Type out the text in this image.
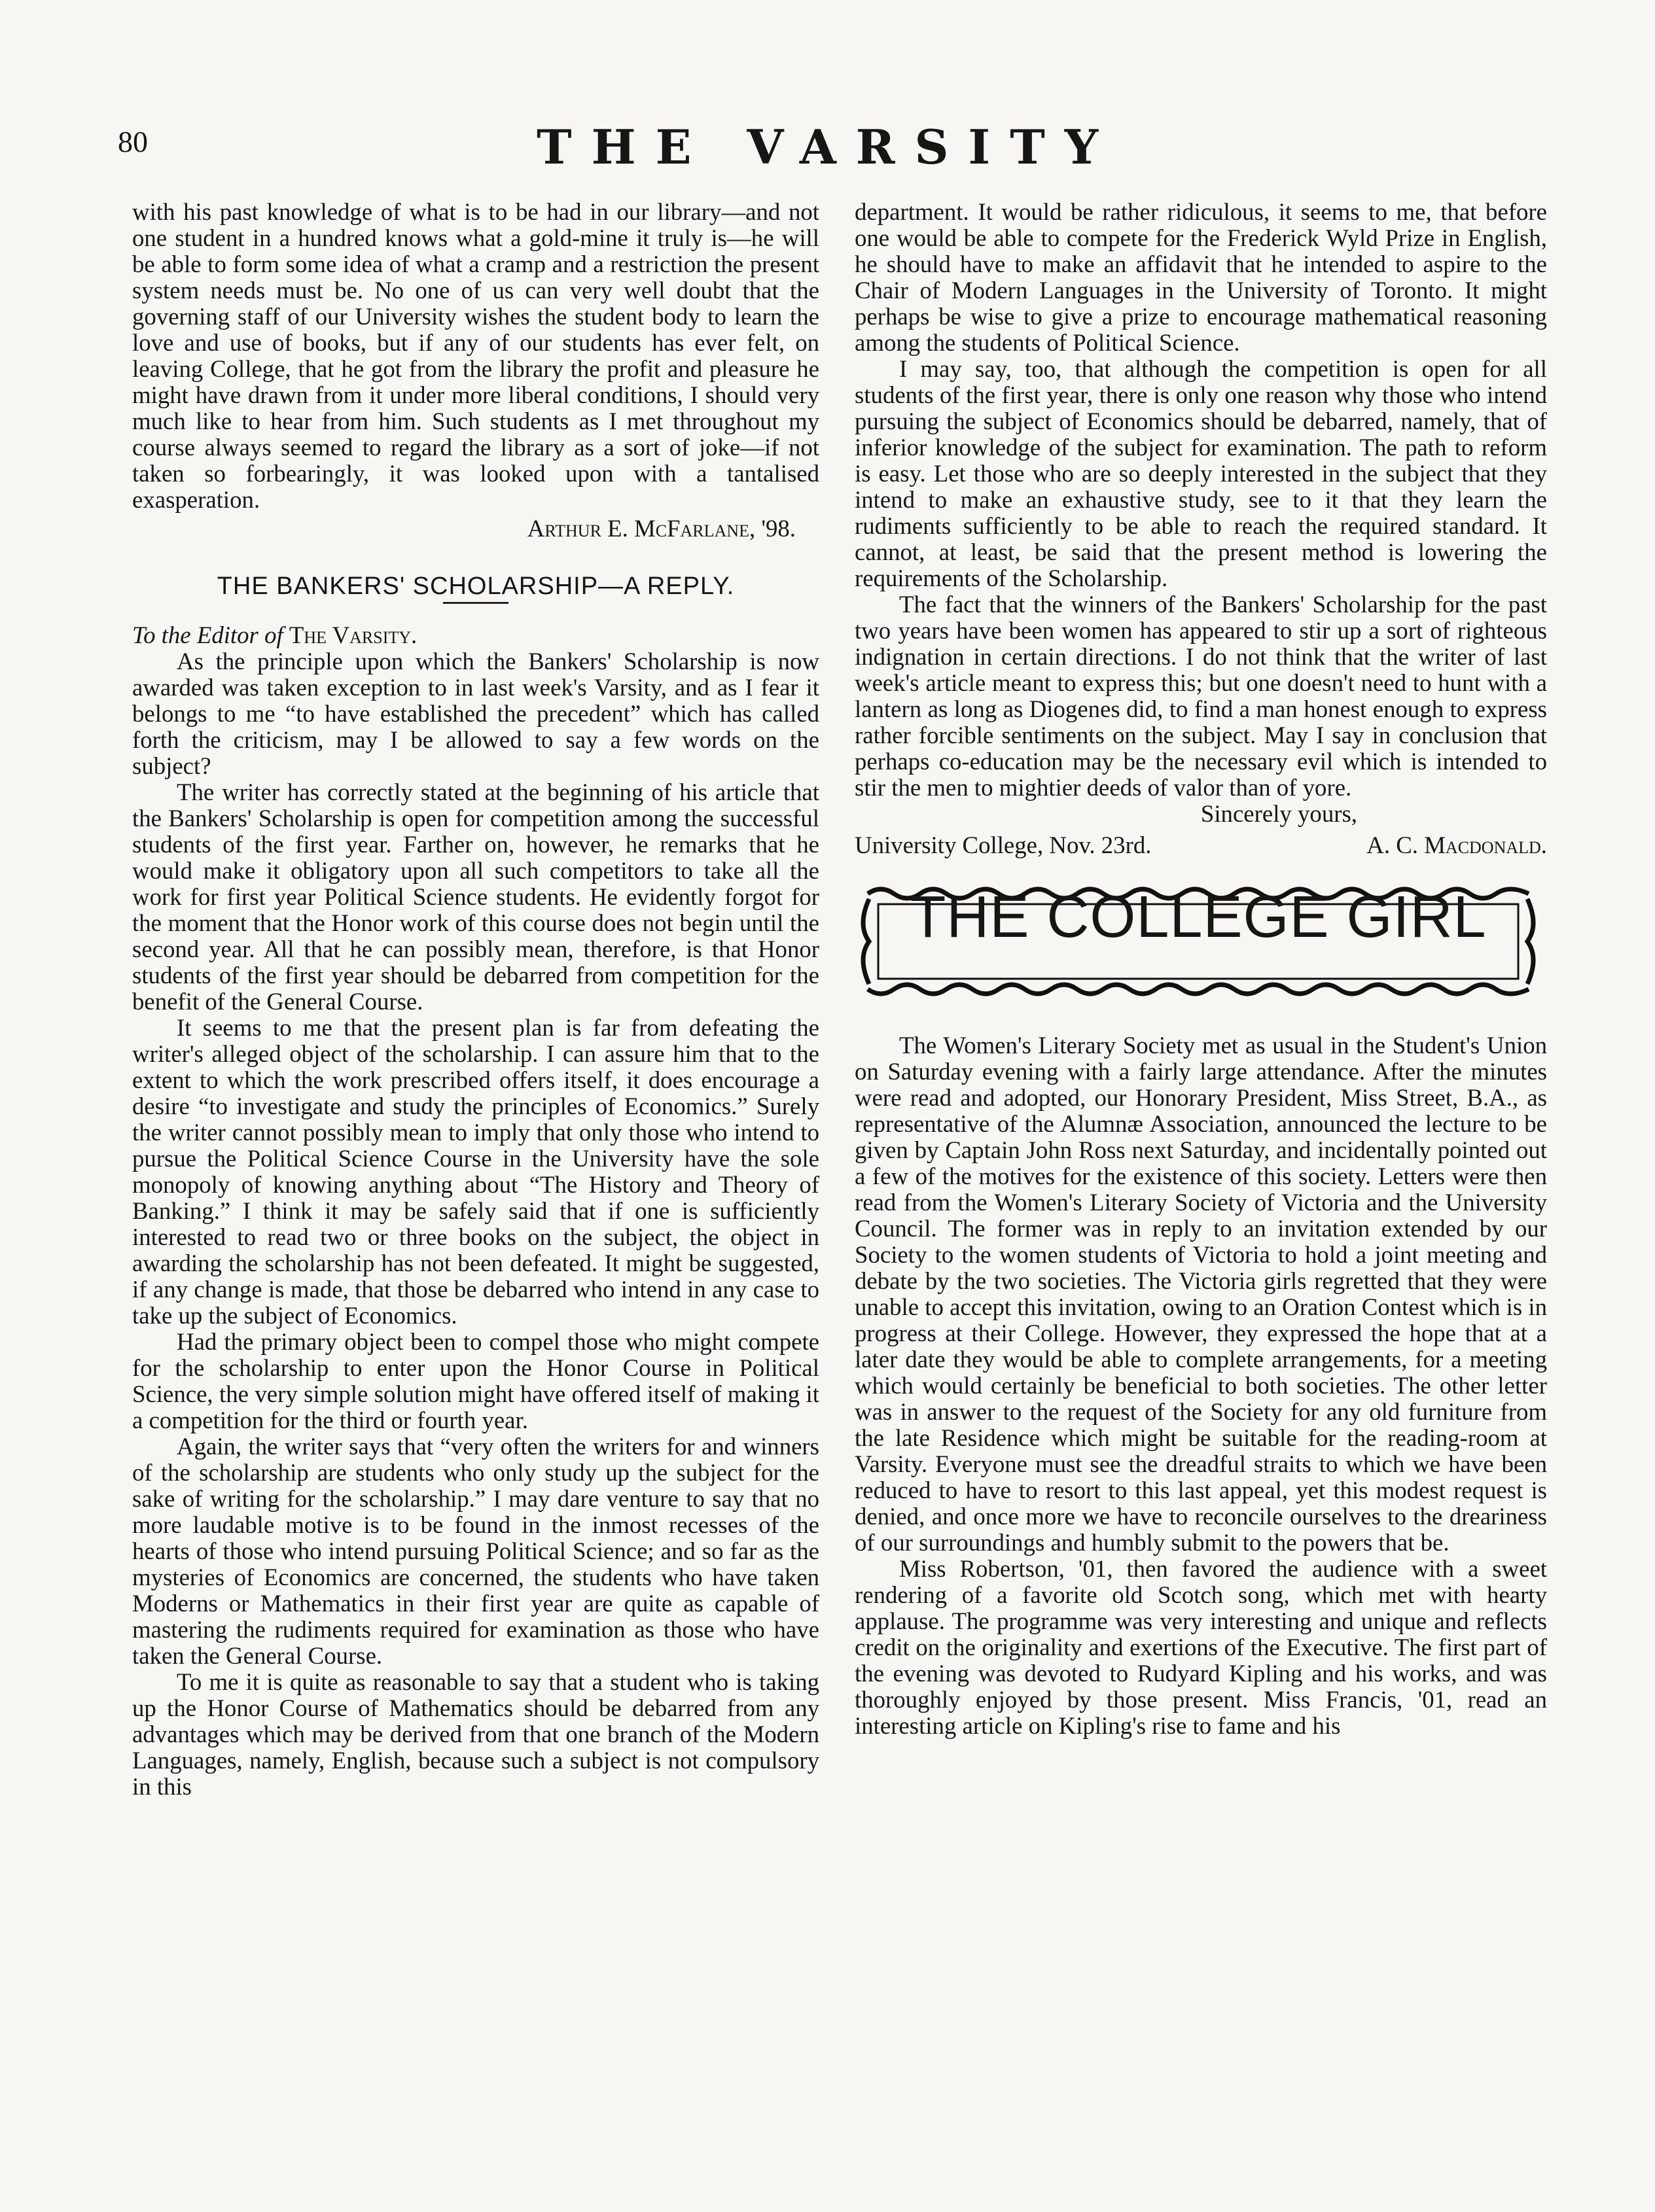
80	THE VARSITY

with his past knowledge of what is to be had in our library—and not one student in a hundred knows what a gold-mine it truly is—he will be able to form some idea of what a cramp and a restriction the present system needs must be. No one of us can very well doubt that the governing staff of our University wishes the student body to learn the love and use of books, but if any of our students has ever felt, on leaving College, that he got from the library the profit and pleasure he might have drawn from it under more liberal conditions, I should very much like to hear from him. Such students as I met throughout my course always seemed to regard the library as a sort of joke—if not taken so forbearingly, it was looked upon with a tantalised exasperation.

Arthur E. McFarlane, '98.

THE BANKERS' SCHOLARSHIP—A REPLY.

To the Editor of The Varsity.

As the principle upon which the Bankers' Scholarship is now awarded was taken exception to in last week's Varsity, and as I fear it belongs to me “to have established the precedent” which has called forth the criticism, may I be allowed to say a few words on the subject?

The writer has correctly stated at the beginning of his article that the Bankers' Scholarship is open for competition among the successful students of the first year. Farther on, however, he remarks that he would make it obligatory upon all such competitors to take all the work for first year Political Science students. He evidently forgot for the moment that the Honor work of this course does not begin until the second year. All that he can possibly mean, therefore, is that Honor students of the first year should be debarred from competition for the benefit of the General Course.

It seems to me that the present plan is far from defeating the writer's alleged object of the scholarship. I can assure him that to the extent to which the work prescribed offers itself, it does encourage a desire “to investigate and study the principles of Economics.” Surely the writer cannot possibly mean to imply that only those who intend to pursue the Political Science Course in the University have the sole monopoly of knowing anything about “The History and Theory of Banking.” I think it may be safely said that if one is sufficiently interested to read two or three books on the subject, the object in awarding the scholarship has not been defeated. It might be suggested, if any change is made, that those be debarred who intend in any case to take up the subject of Economics.

Had the primary object been to compel those who might compete for the scholarship to enter upon the Honor Course in Political Science, the very simple solution might have offered itself of making it a competition for the third or fourth year.

Again, the writer says that “very often the writers for and winners of the scholarship are students who only study up the subject for the sake of writing for the scholarship.” I may dare venture to say that no more laudable motive is to be found in the inmost recesses of the hearts of those who intend pursuing Political Science; and so far as the mysteries of Economics are concerned, the students who have taken Moderns or Mathematics in their first year are quite as capable of mastering the rudiments required for examination as those who have taken the General Course.

To me it is quite as reasonable to say that a student who is taking up the Honor Course of Mathematics should be debarred from any advantages which may be derived from that one branch of the Modern Languages, namely, English, because such a subject is not compulsory in this

department. It would be rather ridiculous, it seems to me, that before one would be able to compete for the Frederick Wyld Prize in English, he should have to make an affidavit that he intended to aspire to the Chair of Modern Languages in the University of Toronto. It might perhaps be wise to give a prize to encourage mathematical reasoning among the students of Political Science.

I may say, too, that although the competition is open for all students of the first year, there is only one reason why those who intend pursuing the subject of Economics should be debarred, namely, that of inferior knowledge of the subject for examination. The path to reform is easy. Let those who are so deeply interested in the subject that they intend to make an exhaustive study, see to it that they learn the rudiments sufficiently to be able to reach the required standard. It cannot, at least, be said that the present method is lowering the requirements of the Scholarship.

The fact that the winners of the Bankers' Scholarship for the past two years have been women has appeared to stir up a sort of righteous indignation in certain directions. I do not think that the writer of last week's article meant to express this; but one doesn't need to hunt with a lantern as long as Diogenes did, to find a man honest enough to express rather forcible sentiments on the subject. May I say in conclusion that perhaps co-education may be the necessary evil which is intended to stir the men to mightier deeds of valor than of yore.

Sincerely yours,

University College, Nov. 23rd.	A. C. Macdonald.
THE COLLEGE GIRL

The Women's Literary Society met as usual in the Student's Union on Saturday evening with a fairly large attendance. After the minutes were read and adopted, our Honorary President, Miss Street, B.A., as representative of the Alumnæ Association, announced the lecture to be given by Captain John Ross next Saturday, and incidentally pointed out a few of the motives for the existence of this society. Letters were then read from the Women's Literary Society of Victoria and the University Council. The former was in reply to an invitation extended by our Society to the women students of Victoria to hold a joint meeting and debate by the two societies. The Victoria girls regretted that they were unable to accept this invitation, owing to an Oration Contest which is in progress at their College. However, they expressed the hope that at a later date they would be able to complete arrangements, for a meeting which would certainly be beneficial to both societies. The other letter was in answer to the request of the Society for any old furniture from the late Residence which might be suitable for the reading-room at Varsity. Everyone must see the dreadful straits to which we have been reduced to have to resort to this last appeal, yet this modest request is denied, and once more we have to reconcile ourselves to the dreariness of our surroundings and humbly submit to the powers that be.

Miss Robertson, '01, then favored the audience with a sweet rendering of a favorite old Scotch song, which met with hearty applause. The programme was very interesting and unique and reflects credit on the originality and exertions of the Executive. The first part of the evening was devoted to Rudyard Kipling and his works, and was thoroughly enjoyed by those present. Miss Francis, '01, read an interesting article on Kipling's rise to fame and his
